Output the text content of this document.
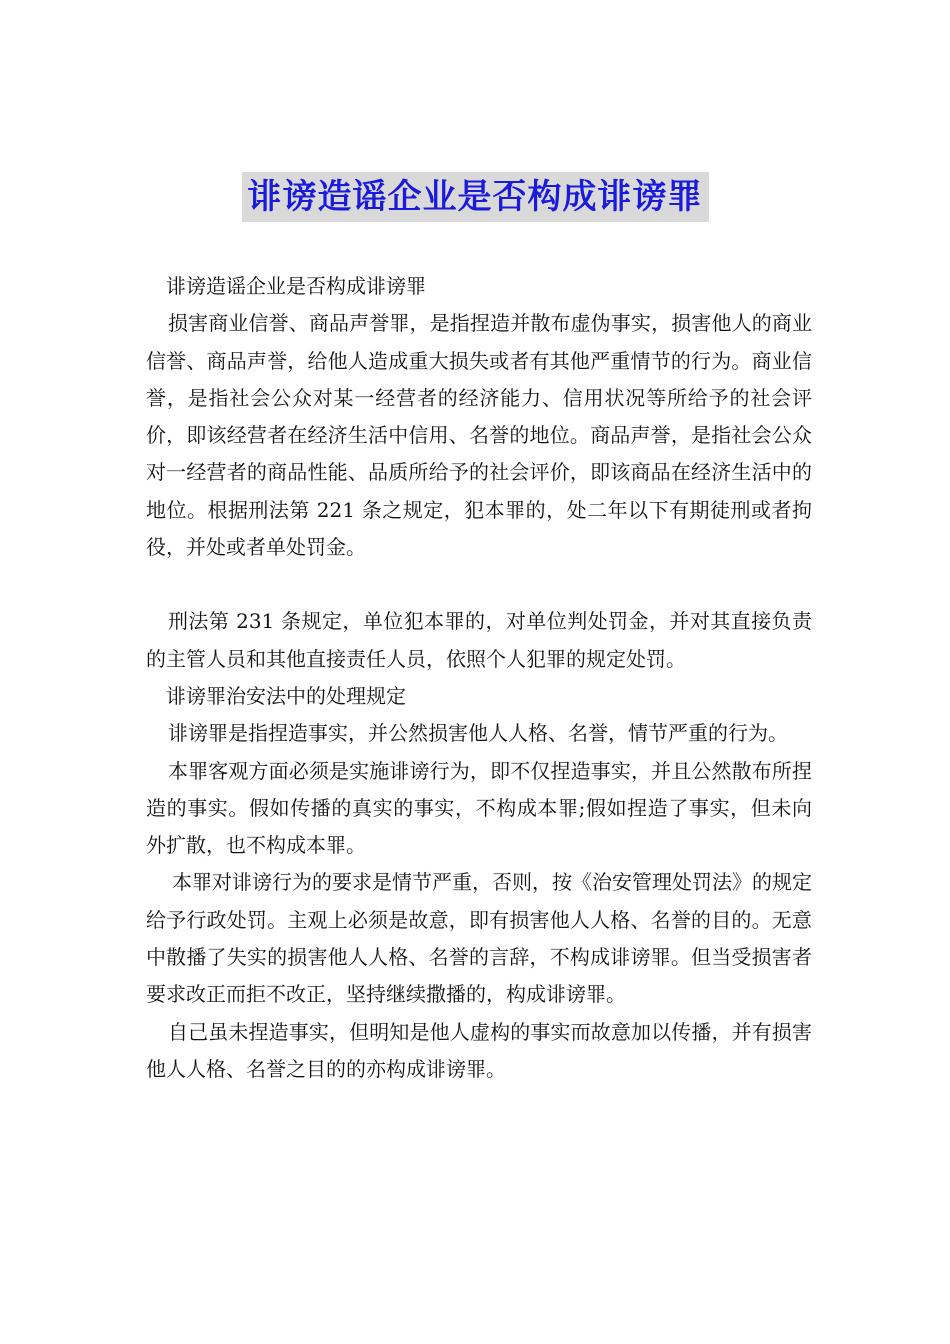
诽谤造谣企业是否构成诽谤罪

诽谤造谣企业是否构成诽谤罪

损害商业信誉、商品声誉罪，是指捏造并散布虚伪事实，损害他人的商业信誉、商品声誉，给他人造成重大损失或者有其他严重情节的行为。商业信誉，是指社会公众对某一经营者的经济能力、信用状况等所给予的社会评价，即该经营者在经济生活中信用、名誉的地位。商品声誉，是指社会公众对一经营者的商品性能、品质所给予的社会评价，即该商品在经济生活中的地位。根据刑法第 221 条之规定，犯本罪的，处二年以下有期徒刑或者拘役，并处或者单处罚金。

刑法第 231 条规定，单位犯本罪的，对单位判处罚金，并对其直接负责的主管人员和其他直接责任人员，依照个人犯罪的规定处罚。

诽谤罪治安法中的处理规定

诽谤罪是指捏造事实，并公然损害他人人格、名誉，情节严重的行为。

本罪客观方面必须是实施诽谤行为，即不仅捏造事实，并且公然散布所捏造的事实。假如传播的真实的事实，不构成本罪;假如捏造了事实，但未向外扩散，也不构成本罪。

本罪对诽谤行为的要求是情节严重，否则，按《治安管理处罚法》的规定给予行政处罚。主观上必须是故意，即有损害他人人格、名誉的目的。无意中散播了失实的损害他人人格、名誉的言辞，不构成诽谤罪。但当受损害者要求改正而拒不改正，坚持继续撒播的，构成诽谤罪。

自己虽未捏造事实，但明知是他人虚构的事实而故意加以传播，并有损害他人人格、名誉之目的的亦构成诽谤罪。
